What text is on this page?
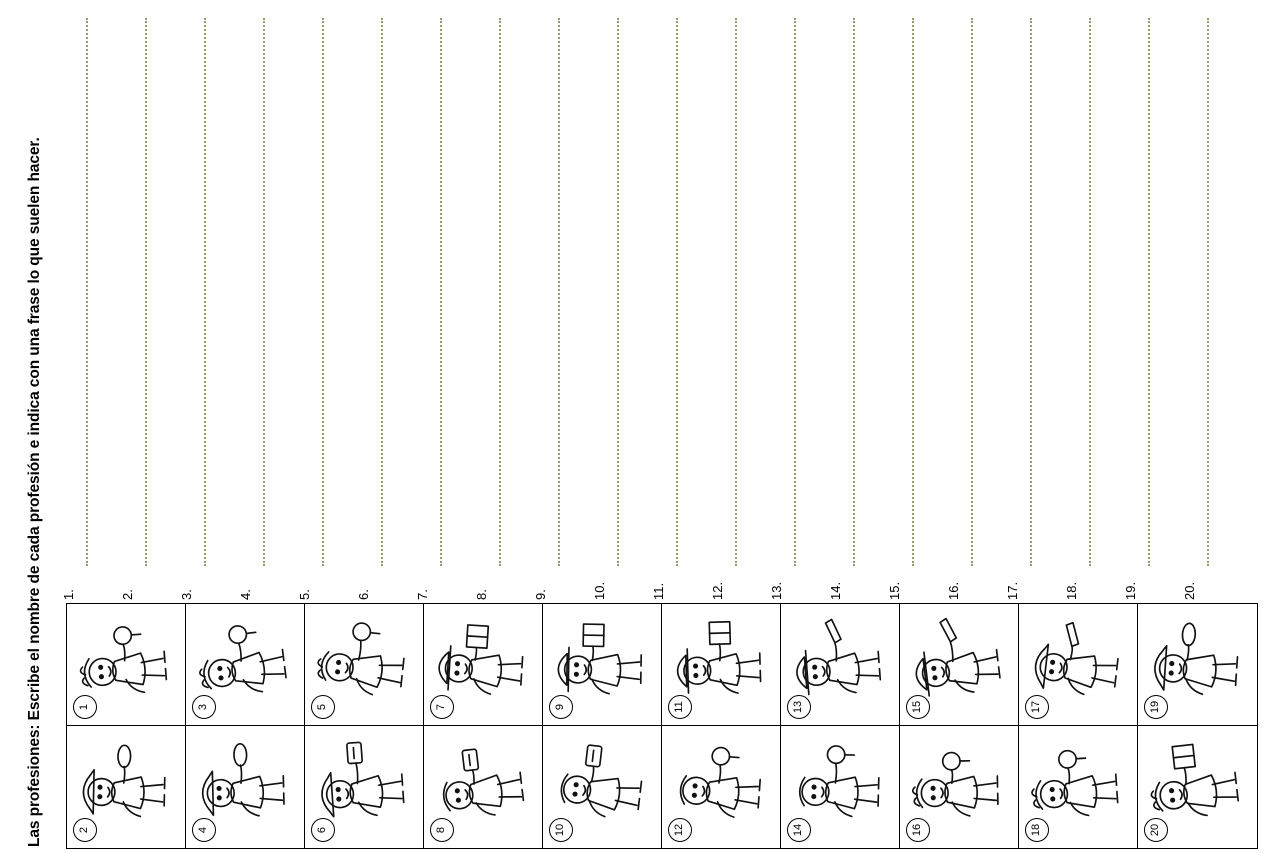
Las profesiones: Escribe el nombre de cada profesión e indica con una frase lo que suelen hacer.	1.	2.	3.	4.	5.	6.	7.	8.	9.	10.	11.	12.	13.	14.	15.	16.	17.	18.	19.	20.
1	3	5	7	9	11	13	15	17	19
2	4	6	8	10	12	14	16	18	20
